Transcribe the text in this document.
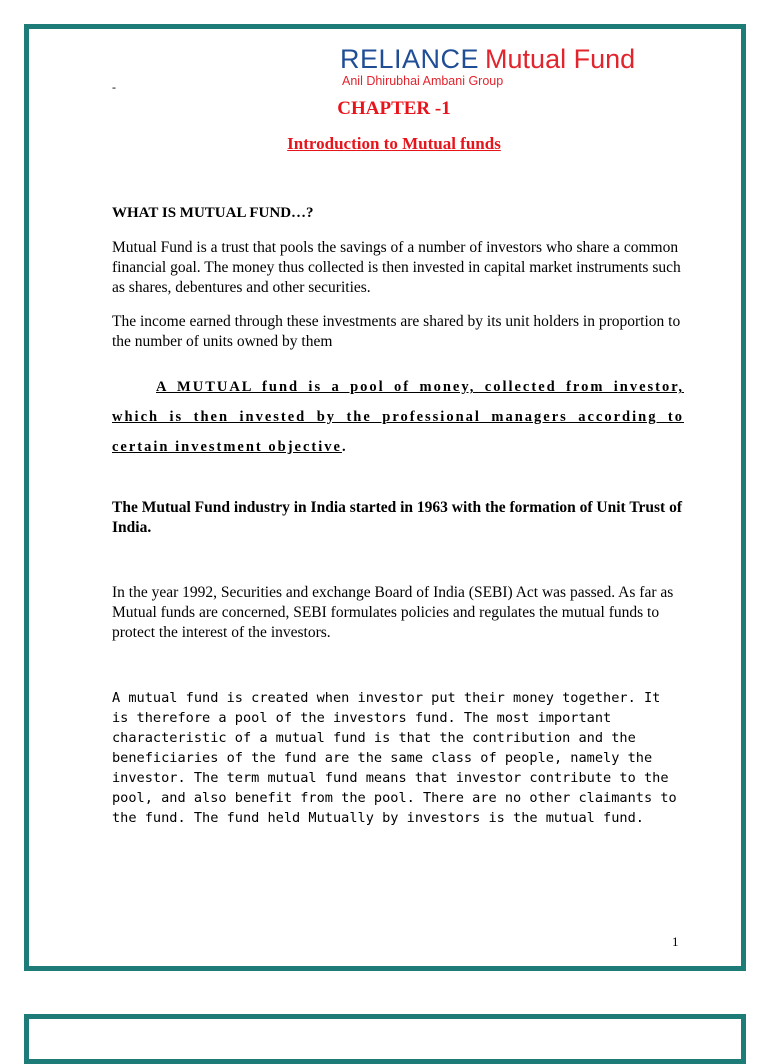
RELIANCE Mutual Fund
Anil Dhirubhai Ambani Group
-
CHAPTER -1
Introduction to Mutual funds
WHAT IS MUTUAL FUND…?
Mutual Fund is a trust that pools the savings of a number of investors who share a common financial goal. The money thus collected is then invested in capital market instruments such as shares, debentures and other securities.
The income earned through these investments are shared by its unit holders in proportion to the number of units owned by them
A MUTUAL fund is a pool of money, collected from investor, which is then invested by the professional managers according to certain investment objective.
The Mutual Fund industry in India started in 1963 with the formation of Unit Trust of India.
In the year 1992, Securities and exchange Board of India (SEBI) Act was passed. As far as Mutual funds are concerned, SEBI formulates policies and regulates the mutual funds to protect the interest of the investors.
A mutual fund is created when investor put their money together. It is therefore a pool of the investors fund. The most important characteristic of a mutual fund is that the contribution and the beneficiaries of the fund are the same class of people, namely the investor. The term mutual fund means that investor contribute to the pool, and also benefit from the pool. There are no other claimants to the fund. The fund held Mutually by investors is the mutual fund.
1
